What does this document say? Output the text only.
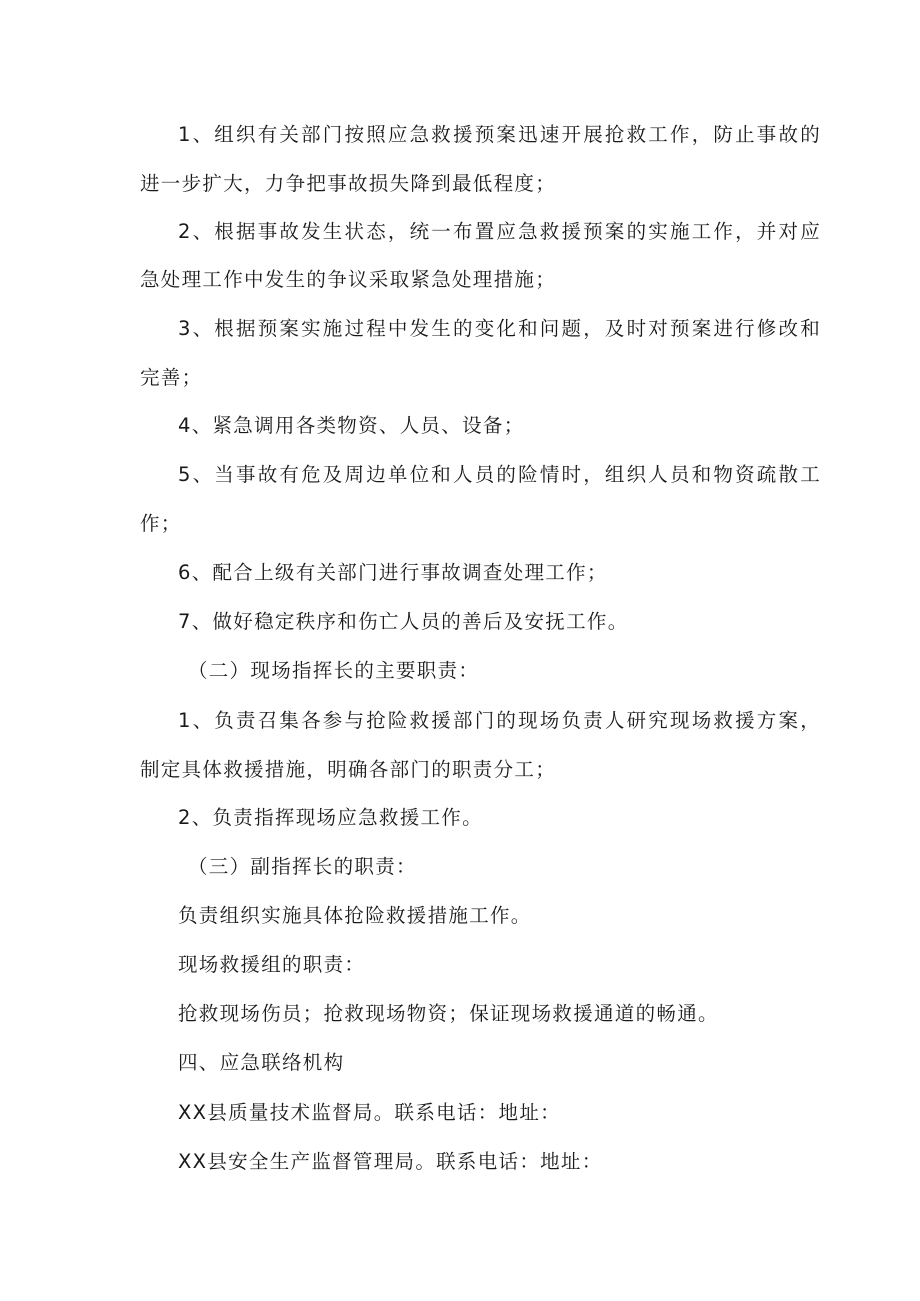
1、组织有关部门按照应急救援预案迅速开展抢救工作，防止事故的
进一步扩大，力争把事故损失降到最低程度；
2、根据事故发生状态，统一布置应急救援预案的实施工作，并对应
急处理工作中发生的争议采取紧急处理措施；
3、根据预案实施过程中发生的变化和问题，及时对预案进行修改和
完善；
4、紧急调用各类物资、人员、设备；
5、当事故有危及周边单位和人员的险情时，组织人员和物资疏散工
作；
6、配合上级有关部门进行事故调查处理工作；
7、做好稳定秩序和伤亡人员的善后及安抚工作。
（二）现场指挥长的主要职责：
1、负责召集各参与抢险救援部门的现场负责人研究现场救援方案，
制定具体救援措施，明确各部门的职责分工；
2、负责指挥现场应急救援工作。
（三）副指挥长的职责：
负责组织实施具体抢险救援措施工作。
现场救援组的职责：
抢救现场伤员；抢救现场物资；保证现场救援通道的畅通。
四、应急联络机构
XX县质量技术监督局。联系电话：地址：
XX县安全生产监督管理局。联系电话：地址：
